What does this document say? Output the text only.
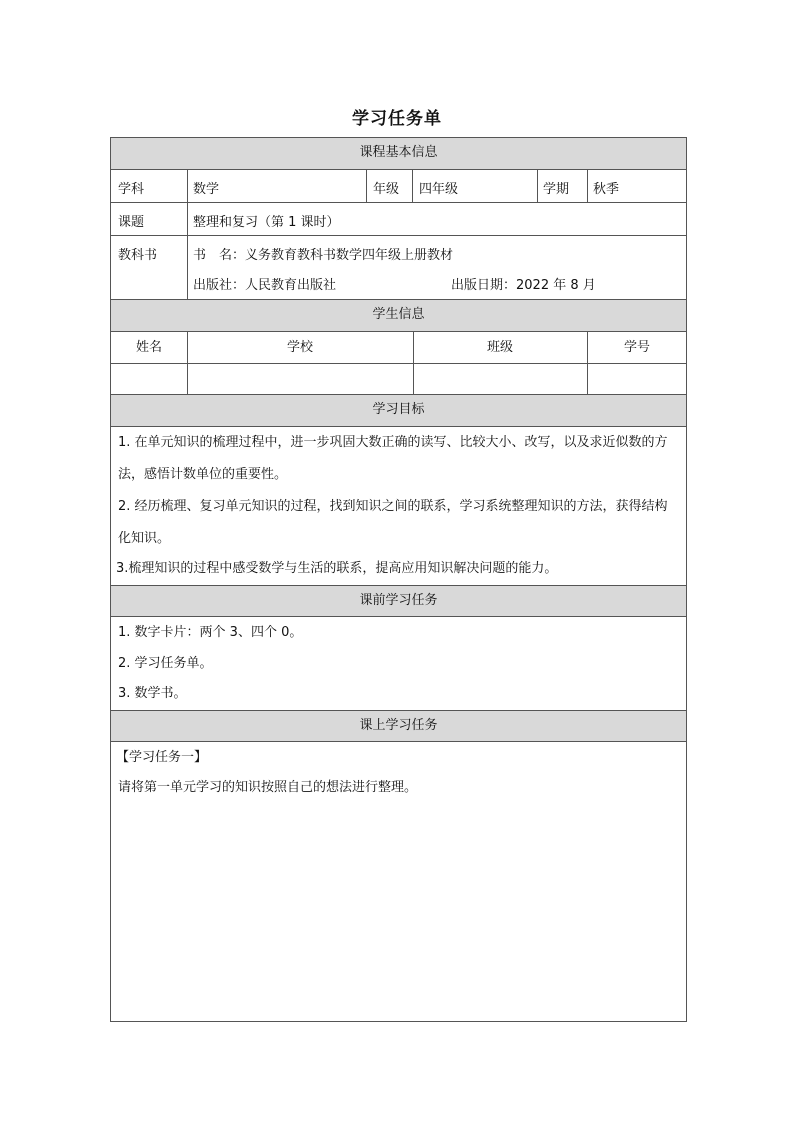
学习任务单
课程基本信息
学科	数学	年级 四年级	学期 秋季
课题	整理和复习（第 1 课时）
教科书	书　名：义务教育教科书数学四年级上册教材
出版社：人民教育出版社	出版日期：2022 年 8 月
学生信息
姓名	学校	班级	学号
学习目标
1. 在单元知识的梳理过程中，进一步巩固大数正确的读写、比较大小、改写，以及求近似数的方法，感悟计数单位的重要性。
2. 经历梳理、复习单元知识的过程，找到知识之间的联系，学习系统整理知识的方法，获得结构化知识。
3.梳理知识的过程中感受数学与生活的联系，提高应用知识解决问题的能力。
课前学习任务
1. 数字卡片：两个 3、四个 0。
2. 学习任务单。
3. 数学书。
课上学习任务
【学习任务一】
请将第一单元学习的知识按照自己的想法进行整理。
